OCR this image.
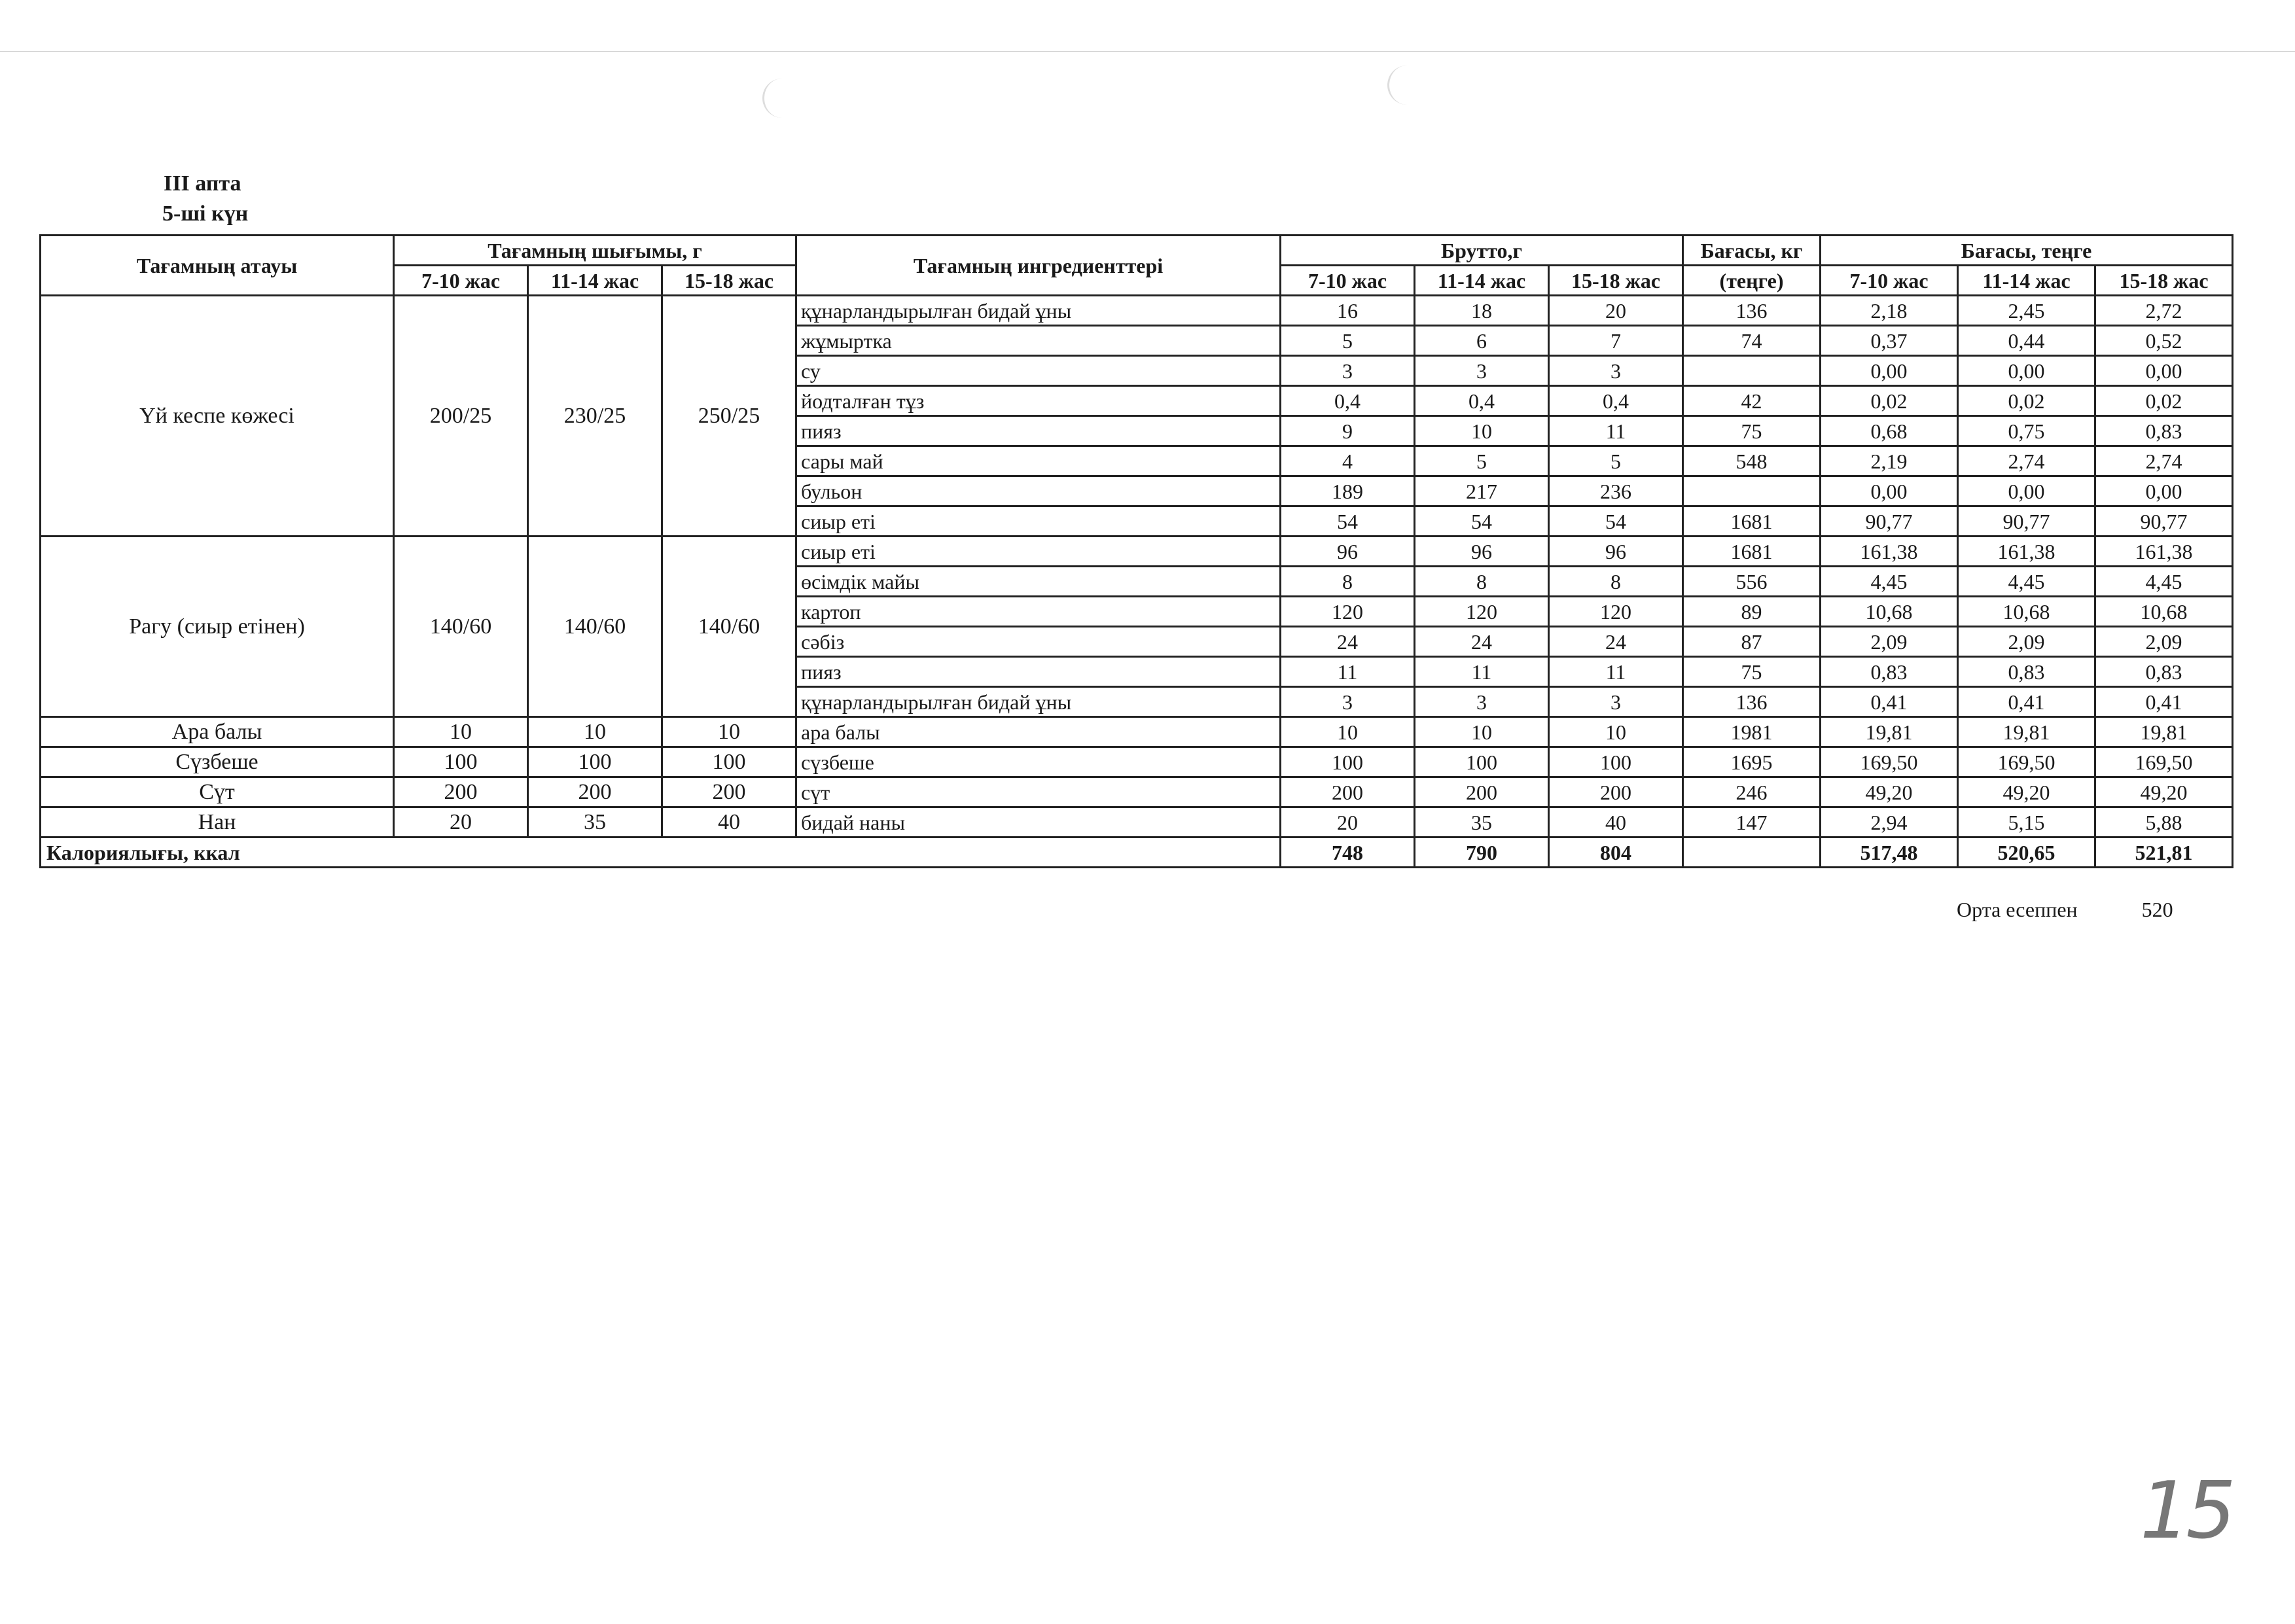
ІІІ апта
5-ші күн
Тағамның атауы	Тағамның шығымы, г			Тағамның ингредиенттері	Брутто,г			Бағасы, кг	Бағасы, теңге		
	7-10 жас	11-14 жас	15-18 жас		7-10 жас	11-14 жас	15-18 жас	(теңге)	7-10 жас	11-14 жас	15-18 жас
Үй кеспе көжесі	200/25	230/25	250/25	құнарландырылған бидай ұны	16	18	20	136	2,18	2,45	2,72
				жұмыртка	5	6	7	74	0,37	0,44	0,52
				су	3	3	3		0,00	0,00	0,00
				йодталған тұз	0,4	0,4	0,4	42	0,02	0,02	0,02
				пияз	9	10	11	75	0,68	0,75	0,83
				сары май	4	5	5	548	2,19	2,74	2,74
				бульон	189	217	236		0,00	0,00	0,00
				сиыр еті	54	54	54	1681	90,77	90,77	90,77
Рагу (сиыр етінен)	140/60	140/60	140/60	сиыр еті	96	96	96	1681	161,38	161,38	161,38
				өсімдік майы	8	8	8	556	4,45	4,45	4,45
				картоп	120	120	120	89	10,68	10,68	10,68
				сәбіз	24	24	24	87	2,09	2,09	2,09
				пияз	11	11	11	75	0,83	0,83	0,83
				құнарландырылған бидай ұны	3	3	3	136	0,41	0,41	0,41
Ара балы	10	10	10	ара балы	10	10	10	1981	19,81	19,81	19,81
Сүзбеше	100	100	100	сүзбеше	100	100	100	1695	169,50	169,50	169,50
Сүт	200	200	200	сүт	200	200	200	246	49,20	49,20	49,20
Нан	20	35	40	бидай наны	20	35	40	147	2,94	5,15	5,88
Калориялығы, ккал					748	790	804		517,48	520,65	521,81
Орта есеппен	520
15
